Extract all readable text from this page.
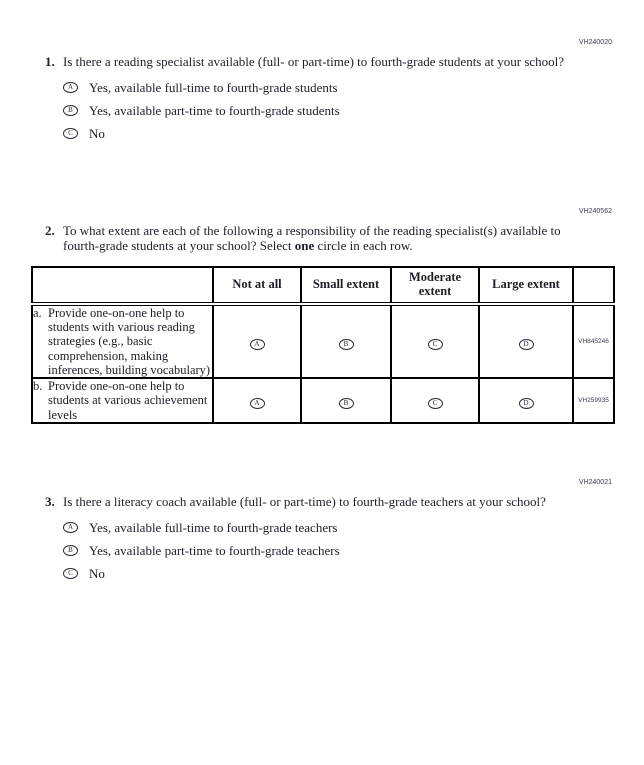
VH240020
1. Is there a reading specialist available (full- or part-time) to fourth-grade students at your school?
A Yes, available full-time to fourth-grade students
B Yes, available part-time to fourth-grade students
C No
VH240562
2. To what extent are each of the following a responsibility of the reading specialist(s) available to fourth-grade students at your school? Select one circle in each row.
	Not at all	Small extent	Moderate extent	Large extent	

a. Provide one-on-one help to students with various reading strategies (e.g., basic comprehension, making inferences, building vocabulary)	A	B	C	D	VH845246

b. Provide one-on-one help to students at various achievement levels	A	B	C	D	VH259935
VH240021
3. Is there a literacy coach available (full- or part-time) to fourth-grade teachers at your school?
A Yes, available full-time to fourth-grade teachers
B Yes, available part-time to fourth-grade teachers
C No
